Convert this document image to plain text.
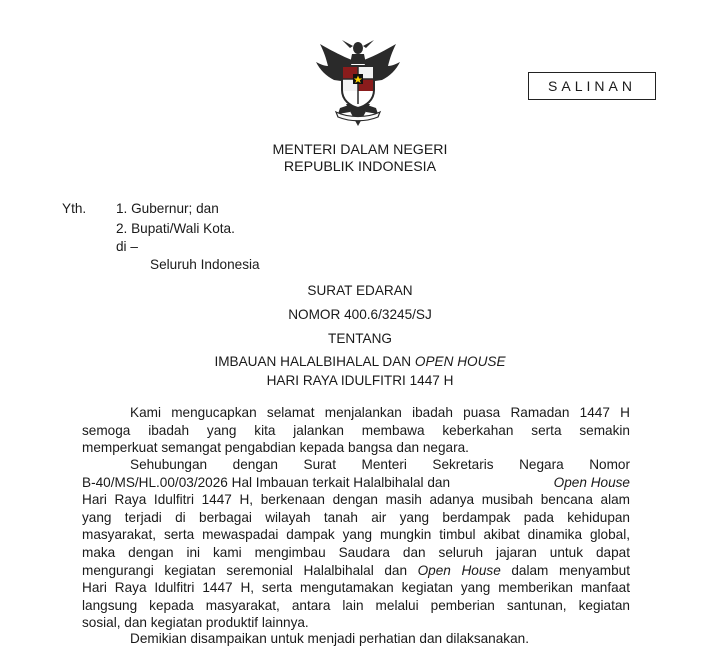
SALINAN
MENTERI DALAM NEGERI
REPUBLIK INDONESIA
Yth. 1. Gubernur; dan
2. Bupati/Wali Kota.
di –
Seluruh Indonesia
SURAT EDARAN
NOMOR 400.6/3245/SJ
TENTANG
IMBAUAN HALALBIHALAL DAN OPEN HOUSE
HARI RAYA IDULFITRI 1447 H
Kami mengucapkan selamat menjalankan ibadah puasa Ramadan 1447 H
semoga ibadah yang kita jalankan membawa keberkahan serta semakin
memperkuat semangat pengabdian kepada bangsa dan negara.
Sehubungan dengan Surat Menteri Sekretaris Negara Nomor
B-40/MS/HL.00/03/2026 Hal Imbauan terkait Halalbihalal dan	Open House
Hari Raya Idulfitri 1447 H, berkenaan dengan masih adanya musibah bencana alam
yang terjadi di berbagai wilayah tanah air yang berdampak pada kehidupan
masyarakat, serta mewaspadai dampak yang mungkin timbul akibat dinamika global,
maka dengan ini kami mengimbau Saudara dan seluruh jajaran untuk dapat
mengurangi kegiatan seremonial Halalbihalal dan Open House dalam menyambut
Hari Raya Idulfitri 1447 H, serta mengutamakan kegiatan yang memberikan manfaat
langsung kepada masyarakat, antara lain melalui pemberian santunan, kegiatan
sosial, dan kegiatan produktif lainnya.
Demikian disampaikan untuk menjadi perhatian dan dilaksanakan.
